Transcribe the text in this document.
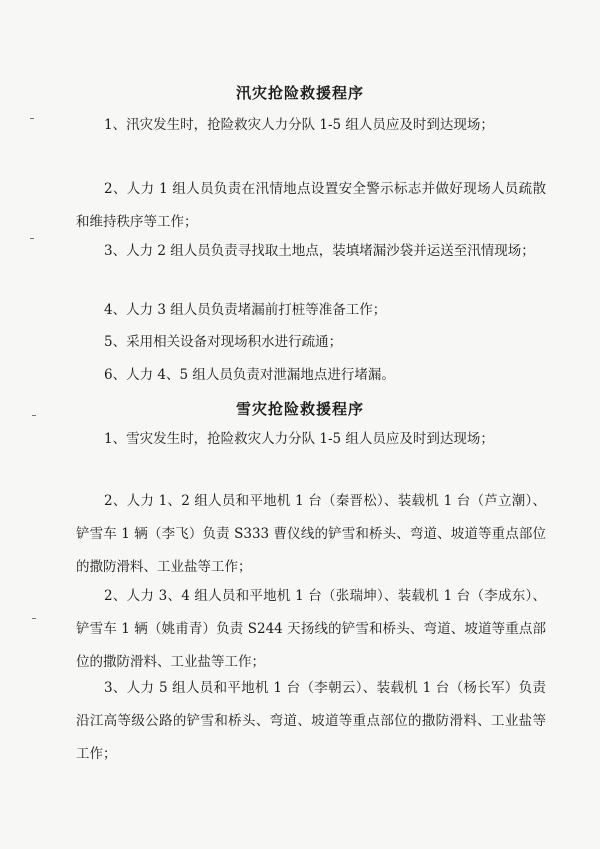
汛灾抢险救援程序

1、汛灾发生时，抢险救灾人力分队 1-5 组人员应及时到达现场；

2、人力 1 组人员负责在汛情地点设置安全警示标志并做好现场人员疏散和维持秩序等工作；

3、人力 2 组人员负责寻找取土地点，装填堵漏沙袋并运送至汛情现场；

4、人力 3 组人员负责堵漏前打桩等准备工作；

5、采用相关设备对现场积水进行疏通；

6、人力 4、5 组人员负责对泄漏地点进行堵漏。

雪灾抢险救援程序

1、雪灾发生时，抢险救灾人力分队 1-5 组人员应及时到达现场；

2、人力 1、2 组人员和平地机 1 台（秦晋松）、装载机 1 台（芦立潮）、铲雪车 1 辆（李飞）负责 S333 曹仪线的铲雪和桥头、弯道、坡道等重点部位的撒防滑料、工业盐等工作；

2、人力 3、4 组人员和平地机 1 台（张瑞坤）、装载机 1 台（李成东）、铲雪车 1 辆（姚甫青）负责 S244 天扬线的铲雪和桥头、弯道、坡道等重点部位的撒防滑料、工业盐等工作；

3、人力 5 组人员和平地机 1 台（李朝云）、装载机 1 台（杨长军）负责沿江高等级公路的铲雪和桥头、弯道、坡道等重点部位的撒防滑料、工业盐等工作；
